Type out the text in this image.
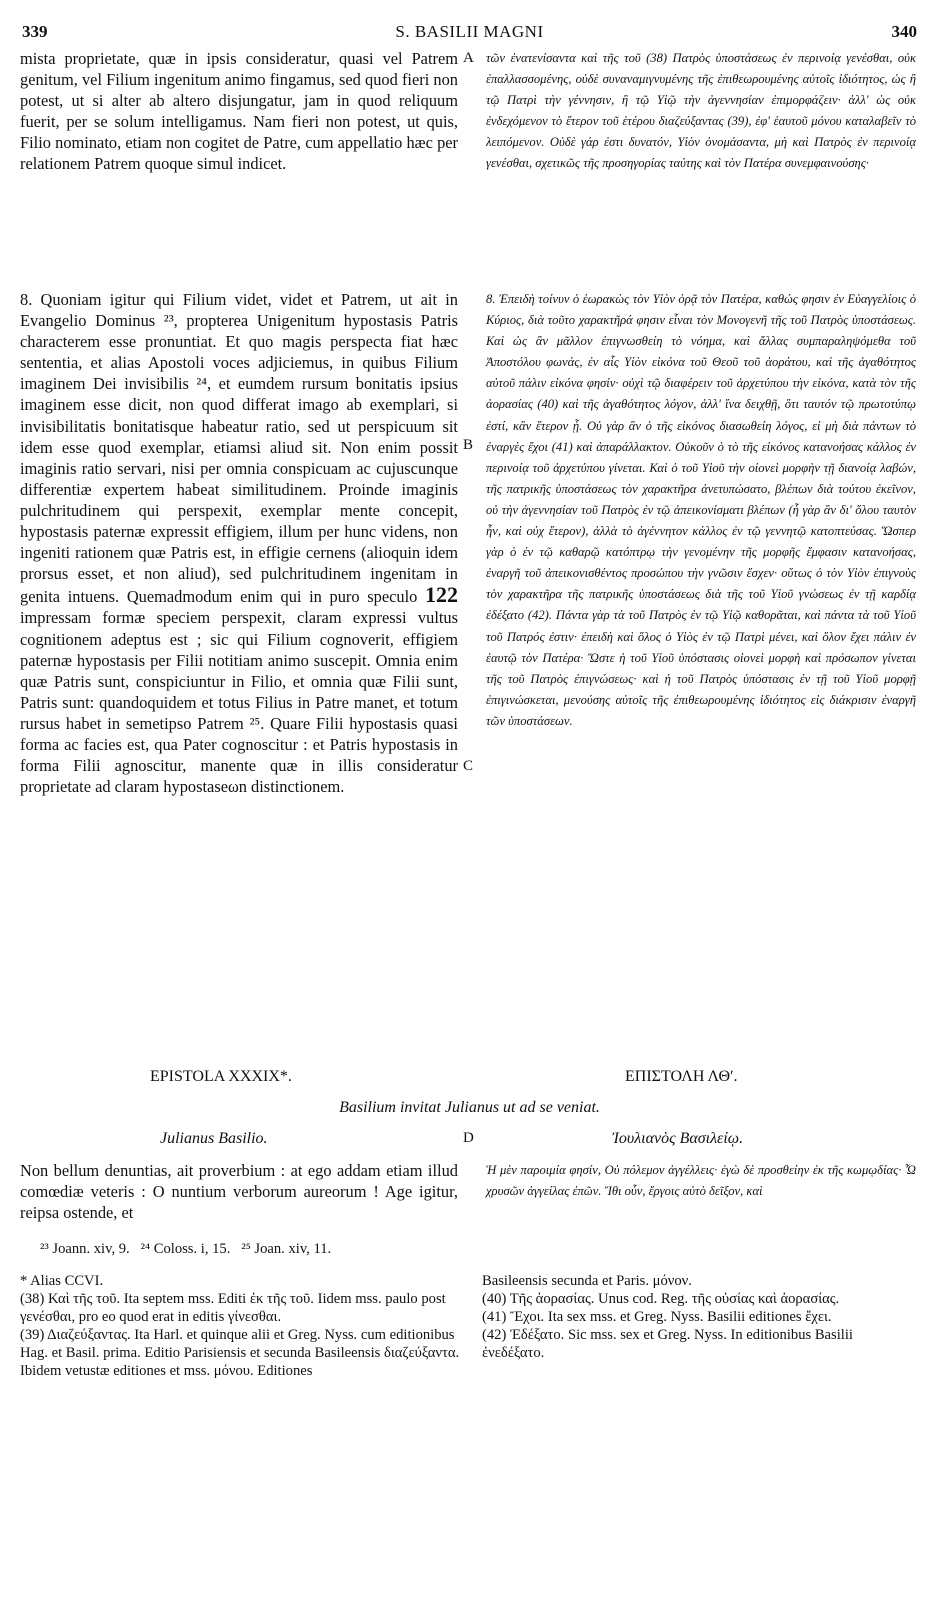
339	S. BASILII MAGNI	340
A
B
C
D

mista proprietate, quæ in ipsis consideratur, quasi vel Patrem genitum, vel Filium ingenitum animo fingamus, sed quod fieri non potest, ut si alter ab altero disjungatur, jam in quod reliquum fuerit, per se solum intelligamus. Nam fieri non potest, ut quis, Filio nominato, etiam non cogitet de Patre, cum appellatio hæc per relationem Patrem quoque simul indicet.

8. Quoniam igitur qui Filium videt, videt et Patrem, ut ait in Evangelio Dominus ²³, propterea Unigenitum hypostasis Patris characterem esse pronuntiat. Et quo magis perspecta fiat hæc sententia, et alias Apostoli voces adjiciemus, in quibus Filium imaginem Dei invisibilis ²⁴, et eumdem rursum bonitatis ipsius imaginem esse dicit, non quod differat imago ab exemplari, si invisibilitatis bonitatisque habeatur ratio, sed ut perspicuum sit idem esse quod exemplar, etiamsi aliud sit. Non enim possit imaginis ratio servari, nisi per omnia conspicuam ac cujuscunque differentiæ expertem habeat similitudinem. Proinde imaginis pulchritudinem qui perspexit, exemplar mente concepit, hypostasis paternæ expressit effigiem, illum per hunc videns, non ingeniti rationem quæ Patris est, in effigie cernens (alioquin idem prorsus esset, et non aliud), sed pulchritudinem ingenitam in genita intuens. Quemadmodum enim qui in puro speculo 122 impressam formæ speciem perspexit, claram expressi vultus cognitionem adeptus est ; sic qui Filium cognoverit, effigiem paternæ hypostasis per Filii notitiam animo suscepit. Omnia enim quæ Patris sunt, conspiciuntur in Filio, et omnia quæ Filii sunt, Patris sunt: quandoquidem et totus Filius in Patre manet, et totum rursus habet in semetipso Patrem ²⁵. Quare Filii hypostasis quasi forma ac facies est, qua Pater cognoscitur : et Patris hypostasis in forma Filii agnoscitur, manente quæ in illis consideratur proprietate ad claram hypostaseωn distinctionem.

τῶν ἐνατενίσαντα καὶ τῆς τοῦ (38) Πατρὸς ὑποστάσεως ἐν περινοίᾳ γενέσθαι, οὐκ ἐπαλλασσομένης, οὐδὲ συναναμιγνυμένης τῆς ἐπιθεωρουμένης αὐτοῖς ἰδιότητος, ὡς ἢ τῷ Πατρὶ τὴν γέννησιν, ἢ τῷ Υἱῷ τὴν ἀγεννησίαν ἐπιμορφάζειν· ἀλλ' ὡς οὐκ ἐνδεχόμενον τὸ ἕτερον τοῦ ἑτέρου διαζεύξαντας (39), ἐφ' ἑαυτοῦ μόνου καταλαβεῖν τὸ λειπόμενον. Οὐδὲ γάρ ἐστι δυνατόν, Υἱὸν ὀνομάσαντα, μὴ καὶ Πατρὸς ἐν περινοίᾳ γενέσθαι, σχετικῶς τῆς προσηγορίας ταύτης καὶ τὸν Πατέρα συνεμφαινούσης·

8. Ἐπειδὴ τοίνυν ὁ ἑωρακὼς τὸν Υἱὸν ὁρᾷ τὸν Πατέρα, καθώς φησιν ἐν Εὐαγγελίοις ὁ Κύριος, διὰ τοῦτο χαρακτῆρά φησιν εἶναι τὸν Μονογενῆ τῆς τοῦ Πατρὸς ὑποστάσεως. Καὶ ὡς ἂν μᾶλλον ἐπιγνωσθείη τὸ νόημα, καὶ ἄλλας συμπαραληψόμεθα τοῦ Ἀποστόλου φωνάς, ἐν αἷς Υἱὸν εἰκόνα τοῦ Θεοῦ τοῦ ἀοράτου, καὶ τῆς ἀγαθότητος αὐτοῦ πάλιν εἰκόνα φησίν· οὐχὶ τῷ διαφέρειν τοῦ ἀρχετύπου τὴν εἰκόνα, κατὰ τὸν τῆς ἀορασίας (40) καὶ τῆς ἀγαθότητος λόγον, ἀλλ' ἵνα δειχθῇ, ὅτι ταυτόν τῷ πρωτοτύπῳ ἐστί, κἂν ἕτερον ᾖ. Οὐ γὰρ ἂν ὁ τῆς εἰκόνος διασωθείη λόγος, εἰ μὴ διὰ πάντων τὸ ἐναργὲς ἔχοι (41) καὶ ἀπαράλλακτον. Οὐκοῦν ὁ τὸ τῆς εἰκόνος κατανοήσας κάλλος ἐν περινοίᾳ τοῦ ἀρχετύπου γίνεται. Καὶ ὁ τοῦ Υἱοῦ τὴν οἱονεὶ μορφὴν τῇ διανοίᾳ λαβών, τῆς πατρικῆς ὑποστάσεως τὸν χαρακτῆρα ἀνετυπώσατο, βλέπων διὰ τούτου ἐκεῖνον, οὐ τὴν ἀγεννησίαν τοῦ Πατρὸς ἐν τῷ ἀπεικονίσματι βλέπων (ἦ γὰρ ἂν δι' ὅλου ταυτὸν ἦν, καὶ οὐχ ἕτερον), ἀλλὰ τὸ ἀγέννητον κάλλος ἐν τῷ γεννητῷ κατοπτεύσας. Ὥσπερ γὰρ ὁ ἐν τῷ καθαρῷ κατόπτρῳ τὴν γενομένην τῆς μορφῆς ἔμφασιν κατανοήσας, ἐναργῆ τοῦ ἀπεικονισθέντος προσώπου τὴν γνῶσιν ἔσχεν· οὕτως ὁ τὸν Υἱὸν ἐπιγνοὺς τὸν χαρακτῆρα τῆς πατρικῆς ὑποστάσεως διὰ τῆς τοῦ Υἱοῦ γνώσεως ἐν τῇ καρδίᾳ ἐδέξατο (42). Πάντα γὰρ τὰ τοῦ Πατρὸς ἐν τῷ Υἱῷ καθορᾶται, καὶ πάντα τὰ τοῦ Υἱοῦ τοῦ Πατρός ἐστιν· ἐπειδὴ καὶ ὅλος ὁ Υἱὸς ἐν τῷ Πατρὶ μένει, καὶ ὅλον ἔχει πάλιν ἐν ἑαυτῷ τὸν Πατέρα· Ὥστε ἡ τοῦ Υἱοῦ ὑπόστασις οἱονεὶ μορφὴ καὶ πρόσωπον γίνεται τῆς τοῦ Πατρὸς ἐπιγνώσεως· καὶ ἡ τοῦ Πατρὸς ὑπόστασις ἐν τῇ τοῦ Υἱοῦ μορφῇ ἐπιγινώσκεται, μενούσης αὐτοῖς τῆς ἐπιθεωρουμένης ἰδιότητος εἰς διάκρισιν ἐναργῆ τῶν ὑποστάσεων.

EPISTOLA XXXIX*.	ΕΠΙΣΤΟΛΗ ΛΘʹ.
Basilium invitat Julianus ut ad se veniat.
Julianus Basilio.	Ἰουλιανὸς Βασιλείῳ.

Non bellum denuntias, ait proverbium : at ego addam etiam illud comœdiæ veteris : O nuntium verborum aureorum ! Age igitur, reipsa ostende, et

Ἡ μὲν παροιμία φησίν, Οὐ πόλεμον ἀγγέλλεις· ἐγὼ δὲ προσθείην ἐκ τῆς κωμῳδίας· Ὦ χρυσῶν ἀγγείλας ἐπῶν. Ἴθι οὖν, ἔργοις αὐτὸ δεῖξον, καὶ

²³ Joann. xiv, 9.   ²⁴ Coloss. i, 15.   ²⁵ Joan. xiv, 11.

* Alias CCVI.

(38) Καὶ τῆς τοῦ. Ita septem mss. Editi ἐκ τῆς τοῦ. Iidem mss. paulo post γενέσθαι, pro eo quod erat in editis γίνεσθαι.

(39) Διαζεύξαντας. Ita Harl. et quinque alii et Greg. Nyss. cum editionibus Hag. et Basil. prima. Editio Parisiensis et secunda Basileensis διαζεύξαντα. Ibidem vetustæ editiones et mss. μόνου. Editiones

Basileensis secunda et Paris. μόνον.

(40) Τῆς ἀορασίας. Unus cod. Reg. τῆς οὐσίας καὶ ἀορασίας.

(41) Ἔχοι. Ita sex mss. et Greg. Nyss. Basilii editiones ἔχει.

(42) Ἐδέξατο. Sic mss. sex et Greg. Nyss. In editionibus Basilii ἐνεδέξατο.
